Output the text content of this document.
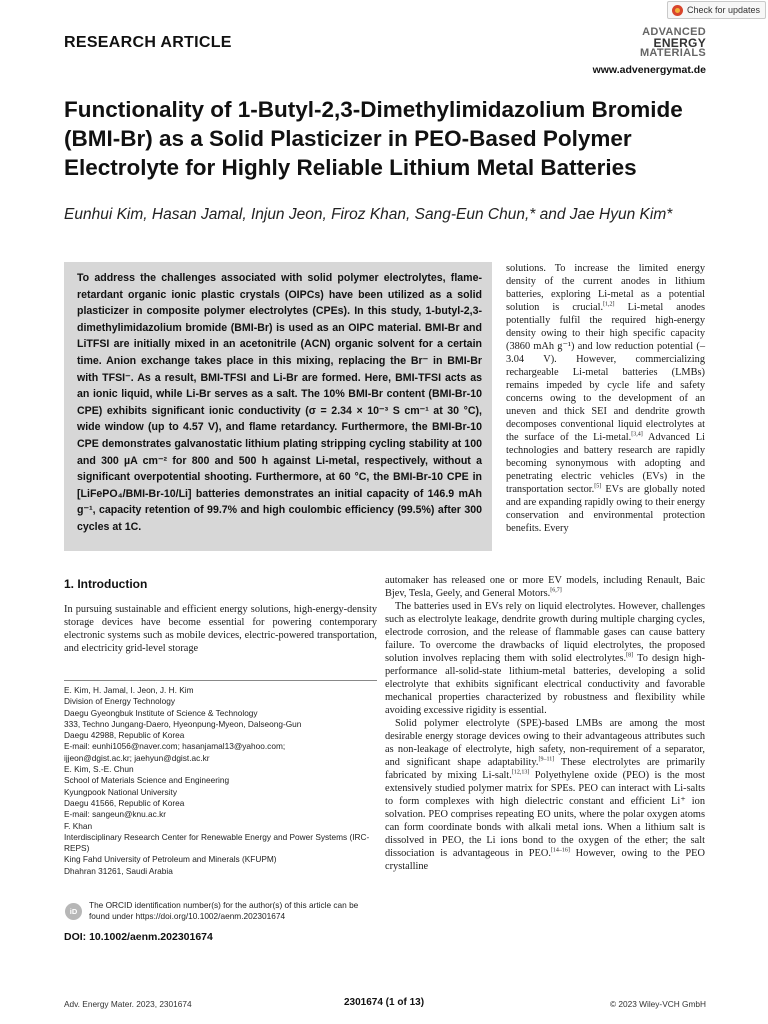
Check for updates
RESEARCH ARTICLE
ADVANCED
ENERGY
MATERIALS
www.advenergymat.de
Functionality of 1-Butyl-2,3-Dimethylimidazolium Bromide (BMI-Br) as a Solid Plasticizer in PEO-Based Polymer Electrolyte for Highly Reliable Lithium Metal Batteries
Eunhui Kim, Hasan Jamal, Injun Jeon, Firoz Khan, Sang-Eun Chun,* and Jae Hyun Kim*
To address the challenges associated with solid polymer electrolytes, flame-retardant organic ionic plastic crystals (OIPCs) have been utilized as a solid plasticizer in composite polymer electrolytes (CPEs). In this study, 1-butyl-2,3-dimethylimidazolium bromide (BMI-Br) is used as an OIPC material. BMI-Br and LiTFSI are initially mixed in an acetonitrile (ACN) organic solvent for a certain time. Anion exchange takes place in this mixing, replacing the Br⁻ in BMI-Br with TFSI⁻. As a result, BMI-TFSI and Li-Br are formed. Here, BMI-TFSI acts as an ionic liquid, while Li-Br serves as a salt. The 10% BMI-Br content (BMI-Br-10 CPE) exhibits significant ionic conductivity (σ = 2.34 × 10⁻³ S cm⁻¹ at 30 °C), wide window (up to 4.57 V), and flame retardancy. Furthermore, the BMI-Br-10 CPE demonstrates galvanostatic lithium plating stripping cycling stability at 100 and 300 µA cm⁻² for 800 and 500 h against Li-metal, respectively, without a significant overpotential shooting. Furthermore, at 60 °C, the BMI-Br-10 CPE in [LiFePO₄/BMI-Br-10/Li] batteries demonstrates an initial capacity of 146.9 mAh g⁻¹, capacity retention of 99.7% and high coulombic efficiency (99.5%) after 300 cycles at 1C.

solutions. To increase the limited energy density of the current anodes in lithium batteries, exploring Li-metal as a potential solution is crucial.[1,2] Li-metal anodes potentially fulfil the required high-energy density owing to their high specific capacity (3860 mAh g⁻¹) and low reduction potential (–3.04 V). However, commercializing rechargeable Li-metal batteries (LMBs) remains impeded by cycle life and safety concerns owing to the development of an uneven and thick SEI and dendrite growth decomposes conventional liquid electrolytes at the surface of the Li-metal.[3,4] Advanced Li technologies and battery research are rapidly becoming synonymous with adopting and penetrating electric vehicles (EVs) in the transportation sector.[5] EVs are globally noted and are expanding rapidly owing to their energy conservation and environmental protection benefits. Every

automaker has released one or more EV models, including Renault, Baic Bjev, Tesla, Geely, and General Motors.[6,7]

The batteries used in EVs rely on liquid electrolytes. However, challenges such as electrolyte leakage, dendrite growth during multiple charging cycles, electrode corrosion, and the release of flammable gases can cause battery failure. To overcome the drawbacks of liquid electrolytes, the proposed solution involves replacing them with solid electrolytes.[8] To design high-performance all-solid-state lithium-metal batteries, developing a solid electrolyte that exhibits significant electrical conductivity and favorable mechanical properties characterized by robustness and flexibility while avoiding excessive rigidity is essential.

Solid polymer electrolyte (SPE)-based LMBs are among the most desirable energy storage devices owing to their advantageous attributes such as non-leakage of electrolyte, high safety, non-requirement of a separator, and significant shape adaptability.[9–11] These electrolytes are primarily fabricated by mixing Li-salt.[12,13] Polyethylene oxide (PEO) is the most extensively studied polymer matrix for SPEs. PEO can interact with Li-salts to form complexes with high dielectric constant and efficient Li⁺ ion solvation. PEO comprises repeating EO units, where the polar oxygen atoms can form coordinate bonds with alkali metal ions. When a lithium salt is dissolved in PEO, the Li ions bond to the oxygen of the ether; the salt dissociation is advantageous in PEO.[14–16] However, owing to the PEO crystalline

1. Introduction
In pursuing sustainable and efficient energy solutions, high-energy-density storage devices have become essential for powering contemporary electronic systems such as mobile devices, electric-powered transportation, and electricity grid-level storage

E. Kim, H. Jamal, I. Jeon, J. H. Kim

Division of Energy Technology

Daegu Gyeongbuk Institute of Science & Technology

333, Techno Jungang-Daero, Hyeonpung-Myeon, Dalseong-Gun

Daegu 42988, Republic of Korea

E-mail: eunhi1056@naver.com; hasanjamal13@yahoo.com;

ijjeon@dgist.ac.kr; jaehyun@dgist.ac.kr

E. Kim, S.-E. Chun

School of Materials Science and Engineering

Kyungpook National University

Daegu 41566, Republic of Korea

E-mail: sangeun@knu.ac.kr

F. Khan

Interdisciplinary Research Center for Renewable Energy and Power Systems (IRC-REPS)

King Fahd University of Petroleum and Minerals (KFUPM)

Dhahran 31261, Saudi Arabia

iD
The ORCID identification number(s) for the author(s) of this article can be found under https://doi.org/10.1002/aenm.202301674
DOI: 10.1002/aenm.202301674
Adv. Energy Mater. 2023, 2301674	2301674 (1 of 13)	© 2023 Wiley-VCH GmbH
